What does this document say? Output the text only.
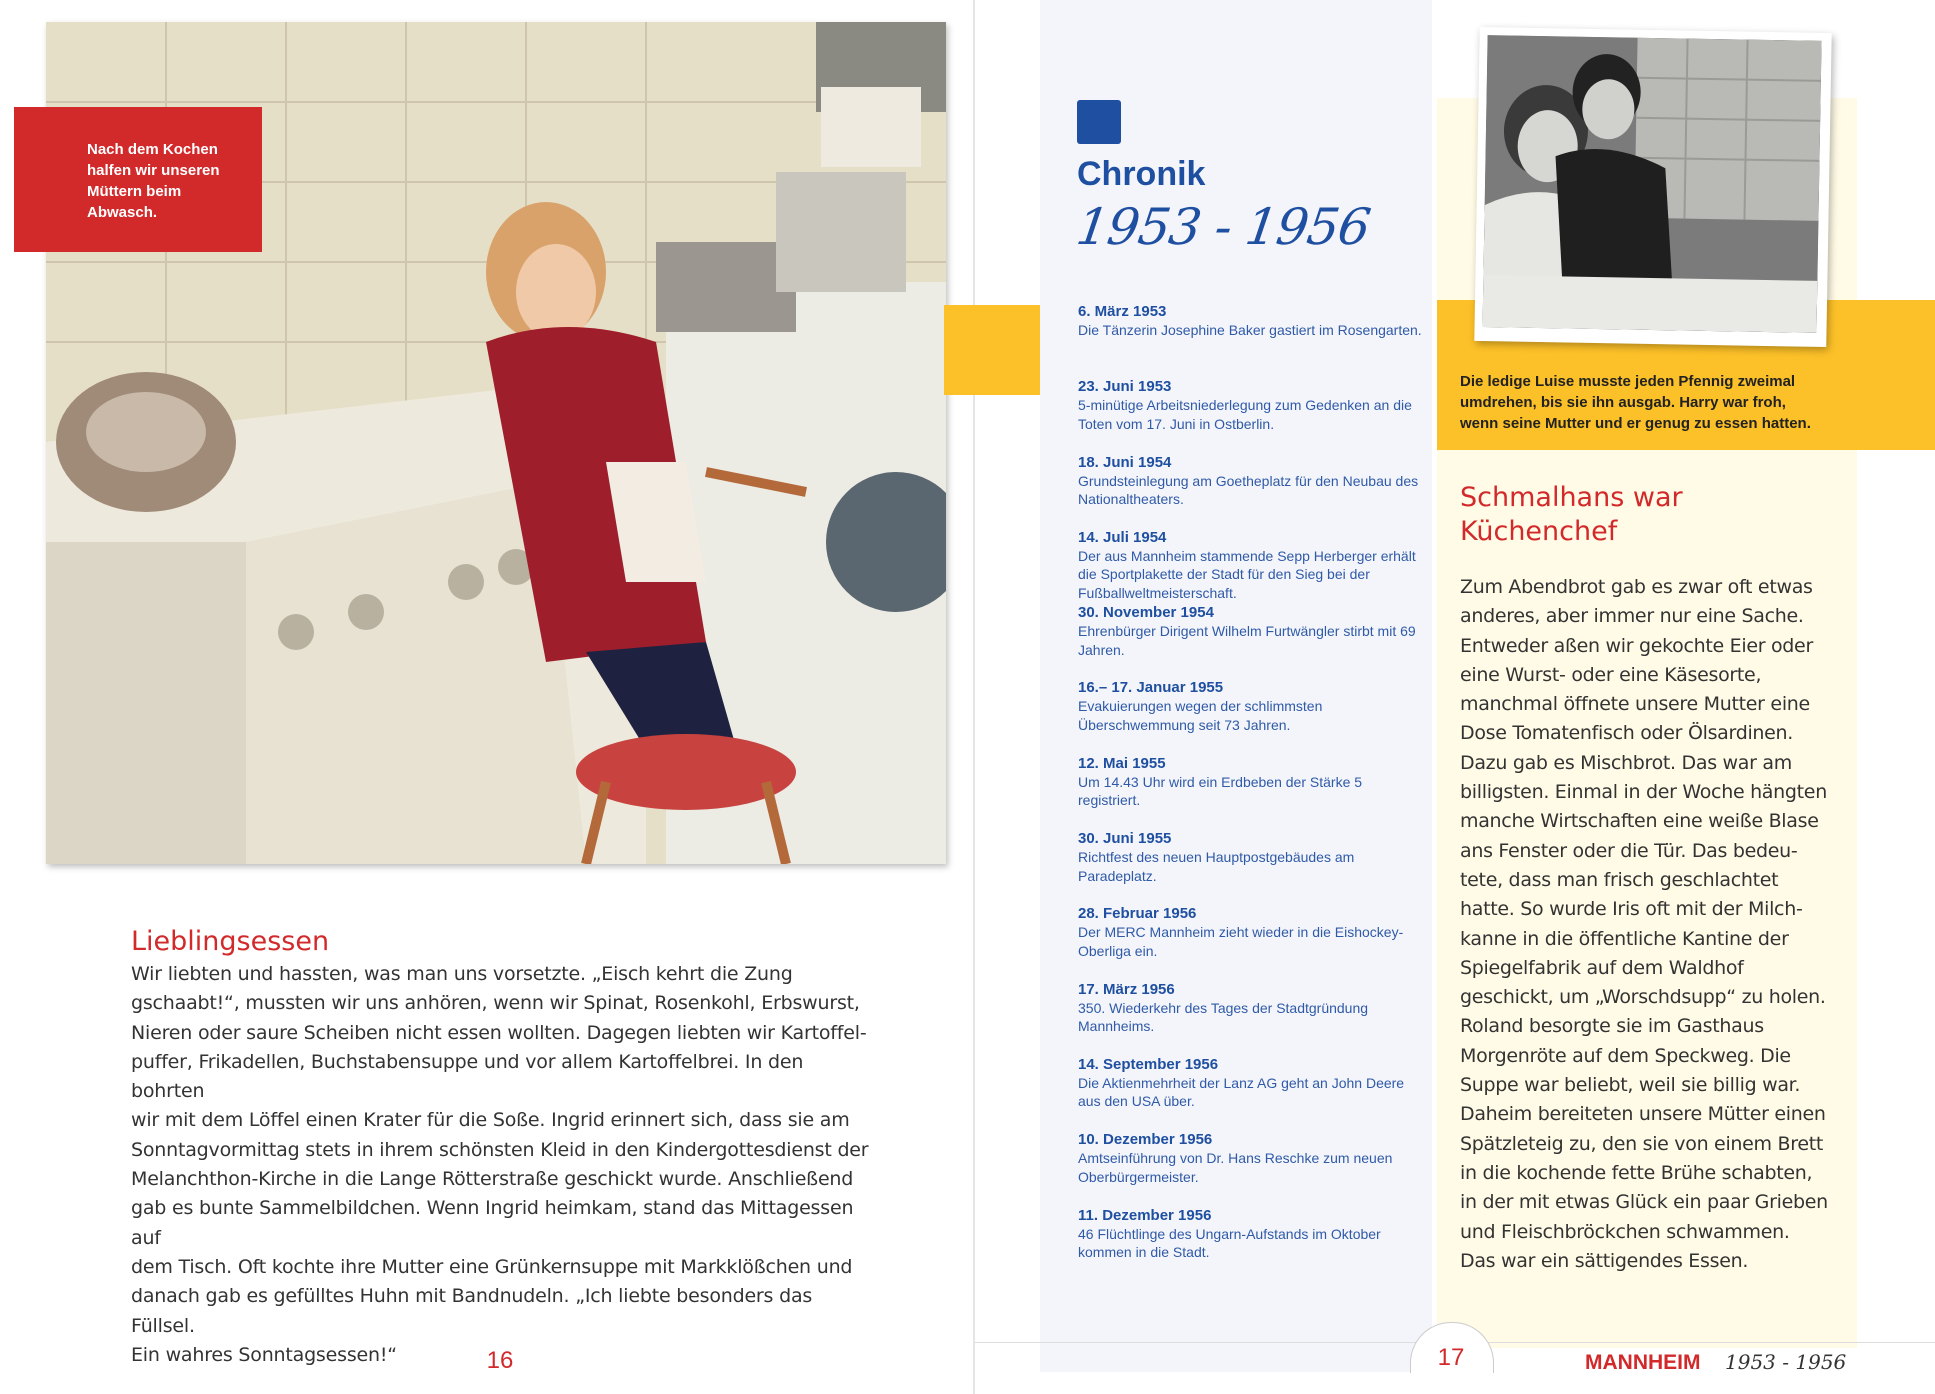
Nach dem Kochen
halfen wir unseren
Müttern beim
Abwasch.
Lieblingsessen

Wir liebten und hassten, was man uns vorsetzte. „Eisch kehrt die Zung
gschaabt!“, mussten wir uns anhören, wenn wir Spinat, Rosenkohl, Erbswurst,
Nieren oder saure Scheiben nicht essen wollten. Dagegen liebten wir Kartoffel-
puffer, Frikadellen, Buchstabensuppe und vor allem Kartoffelbrei. In den bohrten
wir mit dem Löffel einen Krater für die Soße. Ingrid erinnert sich, dass sie am
Sonntagvormittag stets in ihrem schönsten Kleid in den Kindergottesdienst der
Melanchthon-Kirche in die Lange Rötterstraße geschickt wurde. Anschließend
gab es bunte Sammelbildchen. Wenn Ingrid heimkam, stand das Mittagessen auf
dem Tisch. Oft kochte ihre Mutter eine Grünkernsuppe mit Markklößchen und
danach gab es gefülltes Huhn mit Bandnudeln. „Ich liebte besonders das Füllsel.
Ein wahres Sonntagsessen!“	16
Chronik
1953 - 1956
6. März 1953
Die Tänzerin Josephine Baker gastiert im Rosengarten.
23. Juni 1953
5-minütige Arbeitsniederlegung zum Gedenken an die Toten vom 17. Juni in Ostberlin.
18. Juni 1954
Grundsteinlegung am Goetheplatz für den Neubau des Nationaltheaters.
14. Juli 1954
Der aus Mannheim stammende Sepp Herberger erhält die Sportplakette der Stadt für den Sieg bei der Fußballweltmeisterschaft.
30. November 1954
Ehrenbürger Dirigent Wilhelm Furtwängler stirbt mit 69 Jahren.
16.– 17. Januar 1955
Evakuierungen wegen der schlimmsten Überschwemmung seit 73 Jahren.
12. Mai 1955
Um 14.43 Uhr wird ein Erdbeben der Stärke 5 registriert.
30. Juni 1955
Richtfest des neuen Hauptpostgebäudes am Paradeplatz.
28. Februar 1956
Der MERC Mannheim zieht wieder in die Eishockey-Oberliga ein.
17. März 1956
350. Wiederkehr des Tages der Stadtgründung Mannheims.
14. September 1956
Die Aktienmehrheit der Lanz AG geht an John Deere aus den USA über.
10. Dezember 1956
Amtseinführung von Dr. Hans Reschke zum neuen Oberbürgermeister.
11. Dezember 1956
46 Flüchtlinge des Ungarn-Aufstands im Oktober kommen in die Stadt.

Die ledige Luise musste jeden Pfennig zweimal
umdrehen, bis sie ihn ausgab. Harry war froh,
wenn seine Mutter und er genug zu essen hatten.

Schmalhans war
Küchenchef

Zum Abendbrot gab es zwar oft etwas
anderes, aber immer nur eine Sache.
Entweder aßen wir gekochte Eier oder
eine Wurst- oder eine Käsesorte,
manchmal öffnete unsere Mutter eine
Dose Tomatenfisch oder Ölsardinen.
Dazu gab es Mischbrot. Das war am
billigsten. Einmal in der Woche hängten
manche Wirtschaften eine weiße Blase
ans Fenster oder die Tür. Das bedeu-
tete, dass man frisch geschlachtet
hatte. So wurde Iris oft mit der Milch-
kanne in die öffentliche Kantine der
Spiegelfabrik auf dem Waldhof
geschickt, um „Worschdsupp“ zu holen.
Roland besorgte sie im Gasthaus
Morgenröte auf dem Speckweg. Die
Suppe war beliebt, weil sie billig war.
Daheim bereiteten unsere Mütter einen
Spätzleteig zu, den sie von einem Brett
in die kochende fette Brühe schabten,
in der mit etwas Glück ein paar Grieben
und Fleischbröckchen schwammen.
Das war ein sättigendes Essen.

17	MANNHEIM 1953 - 1956
